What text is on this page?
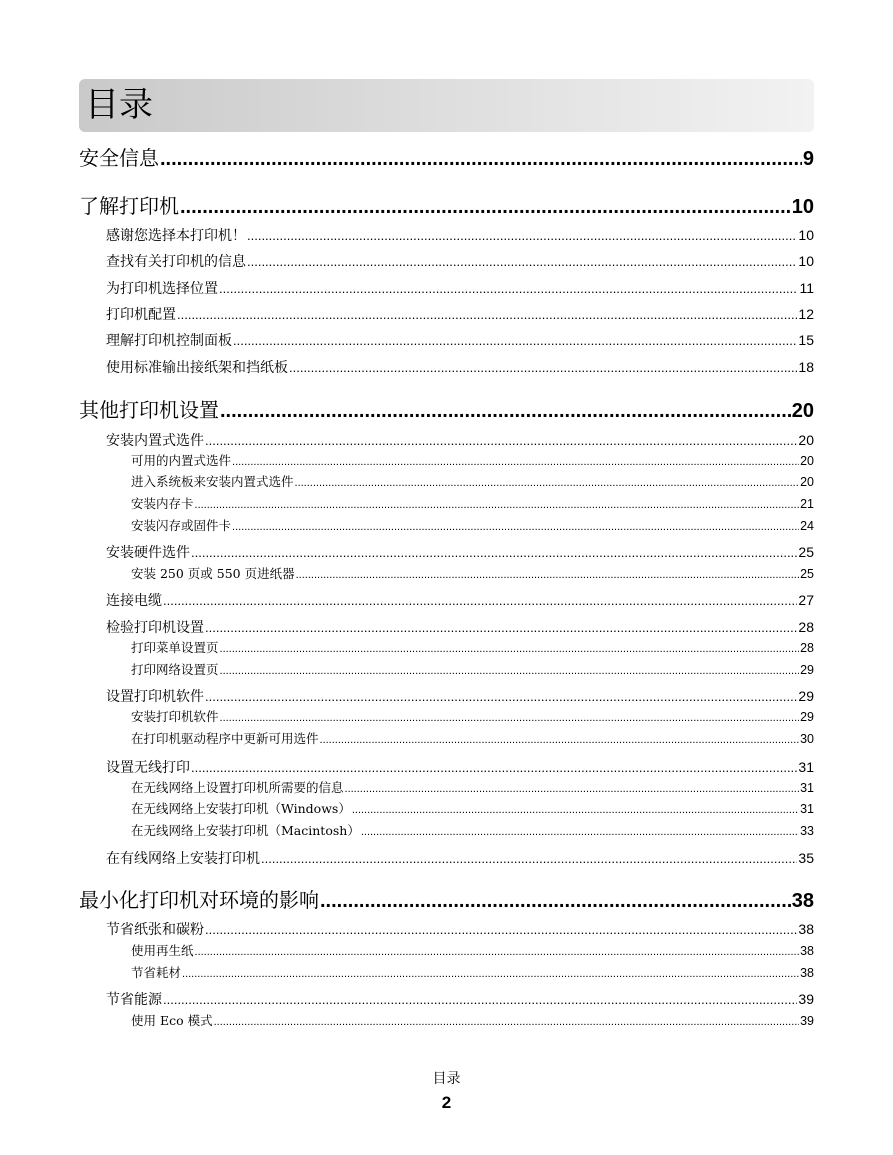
目录
安全信息 .....	9
了解打印机 .....	10
感谢您选择本打印机！ .....	10
查找有关打印机的信息 .....	10
为打印机选择位置 .....	11
打印机配置 .....	12
理解打印机控制面板 .....	15
使用标准输出接纸架和挡纸板 .....	18
其他打印机设置 .....	20
安装内置式选件 .....	20
可用的内置式选件 .....	20
进入系统板来安装内置式选件 .....	20
安装内存卡 .....	21
安装闪存或固件卡 .....	24
安装硬件选件 .....	25
安装 250 页或 550 页进纸器 .....	25
连接电缆 .....	27
检验打印机设置 .....	28
打印菜单设置页 .....	28
打印网络设置页 .....	29
设置打印机软件 .....	29
安装打印机软件 .....	29
在打印机驱动程序中更新可用选件 .....	30
设置无线打印 .....	31
在无线网络上设置打印机所需要的信息 .....	31
在无线网络上安装打印机（Windows） .....	31
在无线网络上安装打印机（Macintosh） .....	33
在有线网络上安装打印机 .....	35
最小化打印机对环境的影响 .....	38
节省纸张和碳粉 .....	38
使用再生纸 .....	38
节省耗材 .....	38
节省能源 .....	39
使用 Eco 模式 .....	39
目录
2
